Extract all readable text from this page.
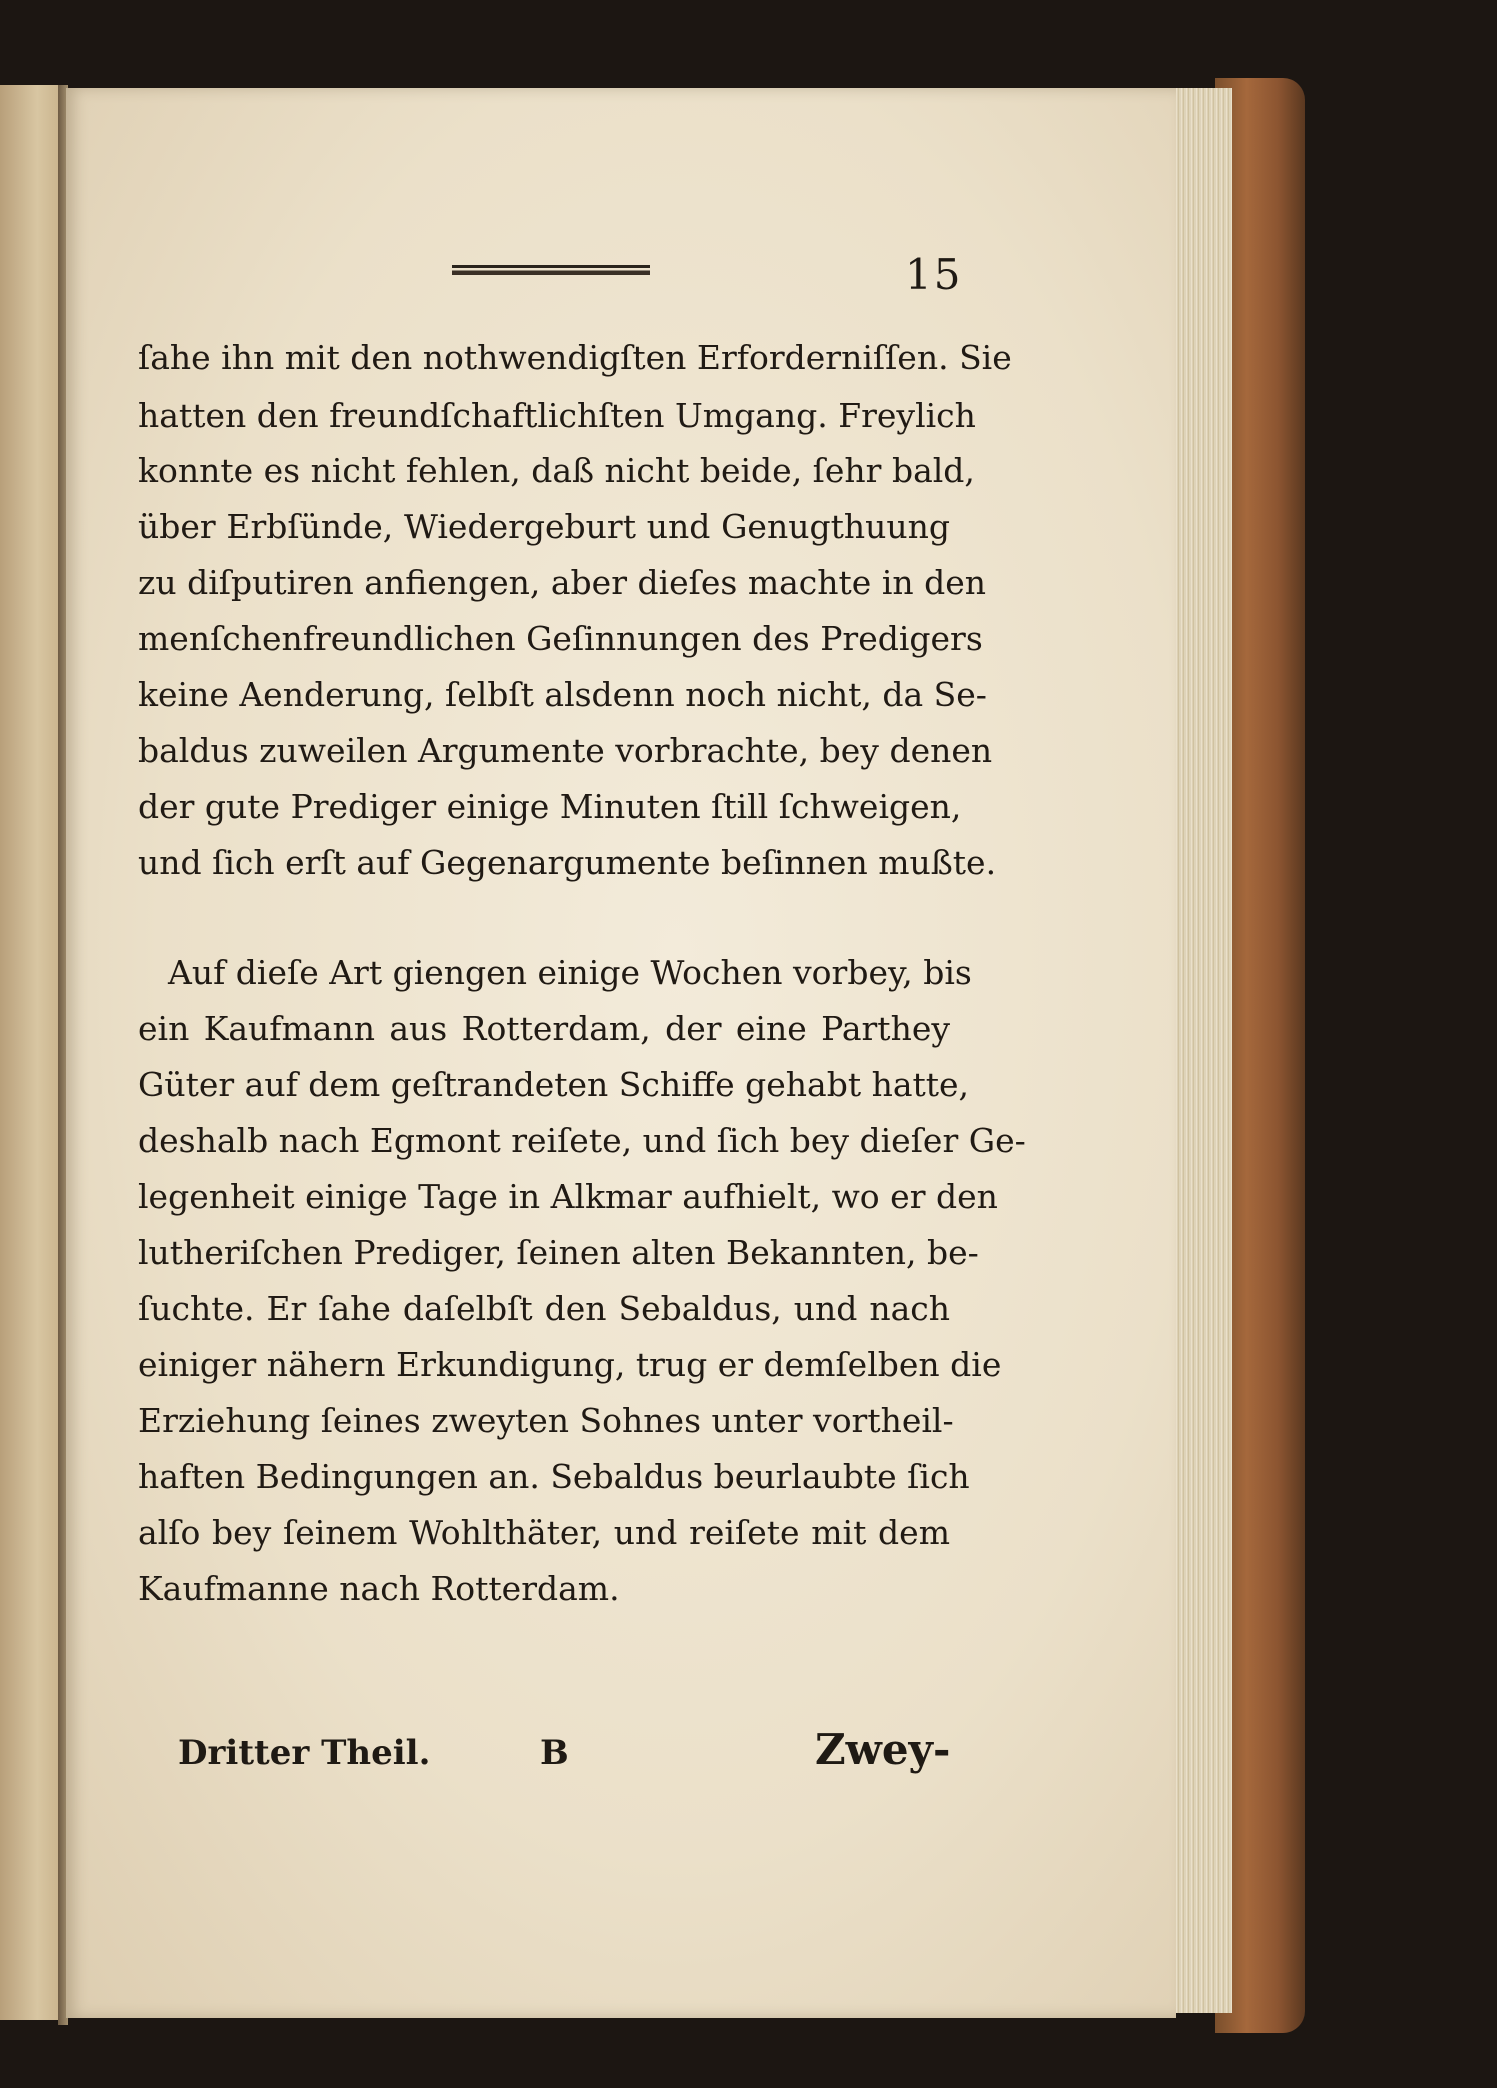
15
ſahe ihn mit den nothwendigſten Erforderniſſen. Sie
hatten den freundſchaftlichſten Umgang. Freylich
konnte es nicht fehlen, daß nicht beide, ſehr bald,
über Erbſünde, Wiedergeburt und Genugthuung
zu diſputiren anfiengen, aber dieſes machte in den
menſchenfreundlichen Geſinnungen des Predigers
keine Aenderung, ſelbſt alsdenn noch nicht, da Se-
baldus zuweilen Argumente vorbrachte, bey denen
der gute Prediger einige Minuten ſtill ſchweigen,
und ſich erſt auf Gegenargumente beſinnen mußte.
Auf dieſe Art giengen einige Wochen vorbey, bis
ein Kaufmann aus Rotterdam, der eine Parthey
Güter auf dem geſtrandeten Schiffe gehabt hatte,
deshalb nach Egmont reiſete, und ſich bey dieſer Ge-
legenheit einige Tage in Alkmar aufhielt, wo er den
lutheriſchen Prediger, ſeinen alten Bekannten, be-
ſuchte. Er ſahe daſelbſt den Sebaldus, und nach
einiger nähern Erkundigung, trug er demſelben die
Erziehung ſeines zweyten Sohnes unter vortheil-
haften Bedingungen an. Sebaldus beurlaubte ſich
alſo bey ſeinem Wohlthäter, und reiſete mit dem
Kaufmanne nach Rotterdam.
Dritter Theil.	B	Zwey-
